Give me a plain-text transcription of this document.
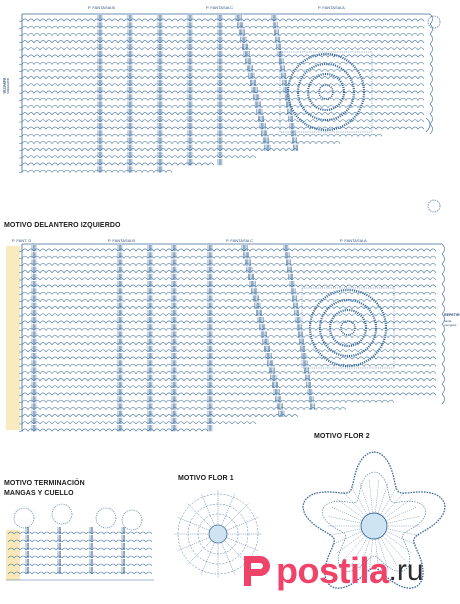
P. FANTASIA B	P. FANTASIA C	P. FANTASIA A
REPETIR aumentos
MOTIVO DELANTERO IZQUIERDO
P. FANT. D	P. FANTASIA B	P. FANTASIA C	P. FANTASIA A
REPETIR
hasta menguas
MOTIVO TERMINACIÓN
MANGAS Y CUELLO
MOTIVO FLOR 1
MOTIVO FLOR 2
postila .ru
